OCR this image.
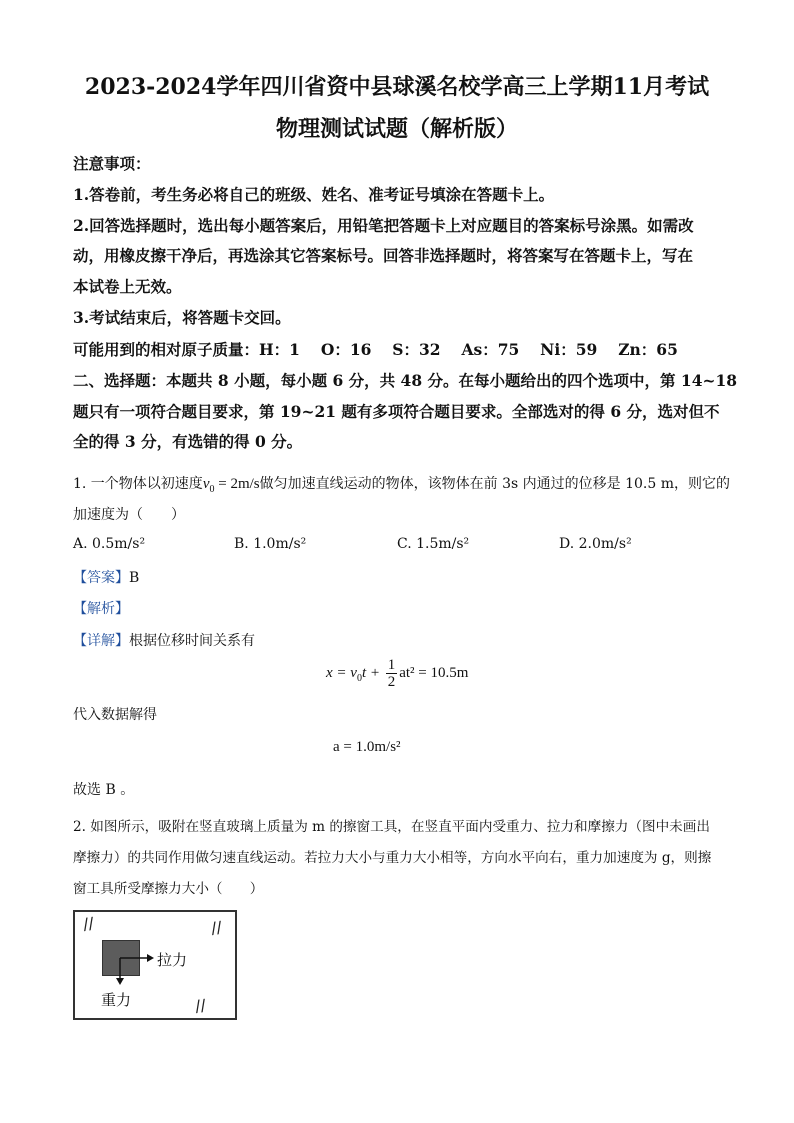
2023-2024学年四川省资中县球溪名校学高三上学期11月考试
物理测试试题（解析版）
注意事项：
1.答卷前，考生务必将自己的班级、姓名、准考证号填涂在答题卡上。
2.回答选择题时，选出每小题答案后，用铅笔把答题卡上对应题目的答案标号涂黑。如需改
动，用橡皮擦干净后，再选涂其它答案标号。回答非选择题时，将答案写在答题卡上，写在
本试卷上无效。
3.考试结束后，将答题卡交回。
可能用到的相对原子质量：H：1　 O：16　 S：32　 As：75　 Ni：59　 Zn：65
二、选择题：本题共 8 小题，每小题 6 分，共 48 分。在每小题给出的四个选项中，第 14~18
题只有一项符合题目要求，第 19~21 题有多项符合题目要求。全部选对的得 6 分，选对但不
全的得 3 分，有选错的得 0 分。
1. 一个物体以初速度$v_0 = 2m/s$做匀加速直线运动的物体，该物体在前 3s 内通过的位移是 10.5 m，则它的
加速度为（　　）
A. 0.5m/s²	B. 1.0m/s²	C. 1.5m/s²	D. 2.0m/s²
【答案】B
【解析】
【详解】根据位移时间关系有
$x = v_0t + \frac{1}{2} at^2 = 10.5m$
代入数据解得
a = 1.0m/s²
故选 B 。
2. 如图所示，吸附在竖直玻璃上质量为 m 的擦窗工具，在竖直平面内受重力、拉力和摩擦力（图中未画出
摩擦力）的共同作用做匀速直线运动。若拉力大小与重力大小相等，方向水平向右，重力加速度为 g，则擦
窗工具所受摩擦力大小（　　）
//	//
//
拉力
重力
